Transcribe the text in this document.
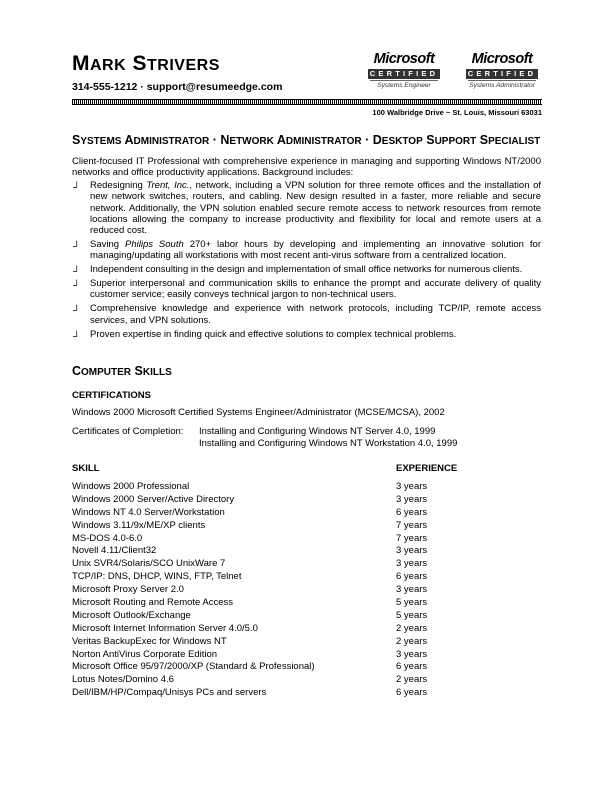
MARK STRIVERS
314-555-1212 · support@resumeedge.com
Microsoft
CERTIFIED
Systems Engineer
Microsoft
CERTIFIED
Systems Administrator
100 Walbridge Drive ~ St. Louis, Missouri 63031
SYSTEMS ADMINISTRATOR · NETWORK ADMINISTRATOR · DESKTOP SUPPORT SPECIALIST
Client-focused IT Professional with comprehensive experience in managing and supporting Windows NT/2000 networks and office productivity applications. Background includes:
⅃ Redesigning Trent, Inc., network, including a VPN solution for three remote offices and the installation of new network switches, routers, and cabling. New design resulted in a faster, more reliable and secure network. Additionally, the VPN solution enabled secure remote access to network resources from remote locations allowing the company to increase productivity and flexibility for local and remote users at a reduced cost.
⅃ Saving Philips South 270+ labor hours by developing and implementing an innovative solution for managing/updating all workstations with most recent anti-virus software from a centralized location.
⅃ Independent consulting in the design and implementation of small office networks for numerous clients.
⅃ Superior interpersonal and communication skills to enhance the prompt and accurate delivery of quality customer service; easily conveys technical jargon to non-technical users.
⅃ Comprehensive knowledge and experience with network protocols, including TCP/IP, remote access services, and VPN solutions.
⅃ Proven expertise in finding quick and effective solutions to complex technical problems.
COMPUTER SKILLS
CERTIFICATIONS
Windows 2000 Microsoft Certified Systems Engineer/Administrator (MCSE/MCSA), 2002
Certificates of Completion: Installing and Configuring Windows NT Server 4.0, 1999
Installing and Configuring Windows NT Workstation 4.0, 1999
SKILL	EXPERIENCE
Windows 2000 Professional	3 years
Windows 2000 Server/Active Directory	3 years
Windows NT 4.0 Server/Workstation	6 years
Windows 3.11/9x/ME/XP clients	7 years
MS-DOS 4.0-6.0	7 years
Novell 4.11/Client32	3 years
Unix SVR4/Solaris/SCO UnixWare 7	3 years
TCP/IP: DNS, DHCP, WINS, FTP, Telnet	6 years
Microsoft Proxy Server 2.0	3 years
Microsoft Routing and Remote Access	5 years
Microsoft Outlook/Exchange	5 years
Microsoft Internet Information Server 4.0/5.0	2 years
Veritas BackupExec for Windows NT	2 years
Norton AntiVirus Corporate Edition	3 years
Microsoft Office 95/97/2000/XP (Standard & Professional)	6 years
Lotus Notes/Domino 4.6	2 years
Dell/IBM/HP/Compaq/Unisys PCs and servers	6 years
